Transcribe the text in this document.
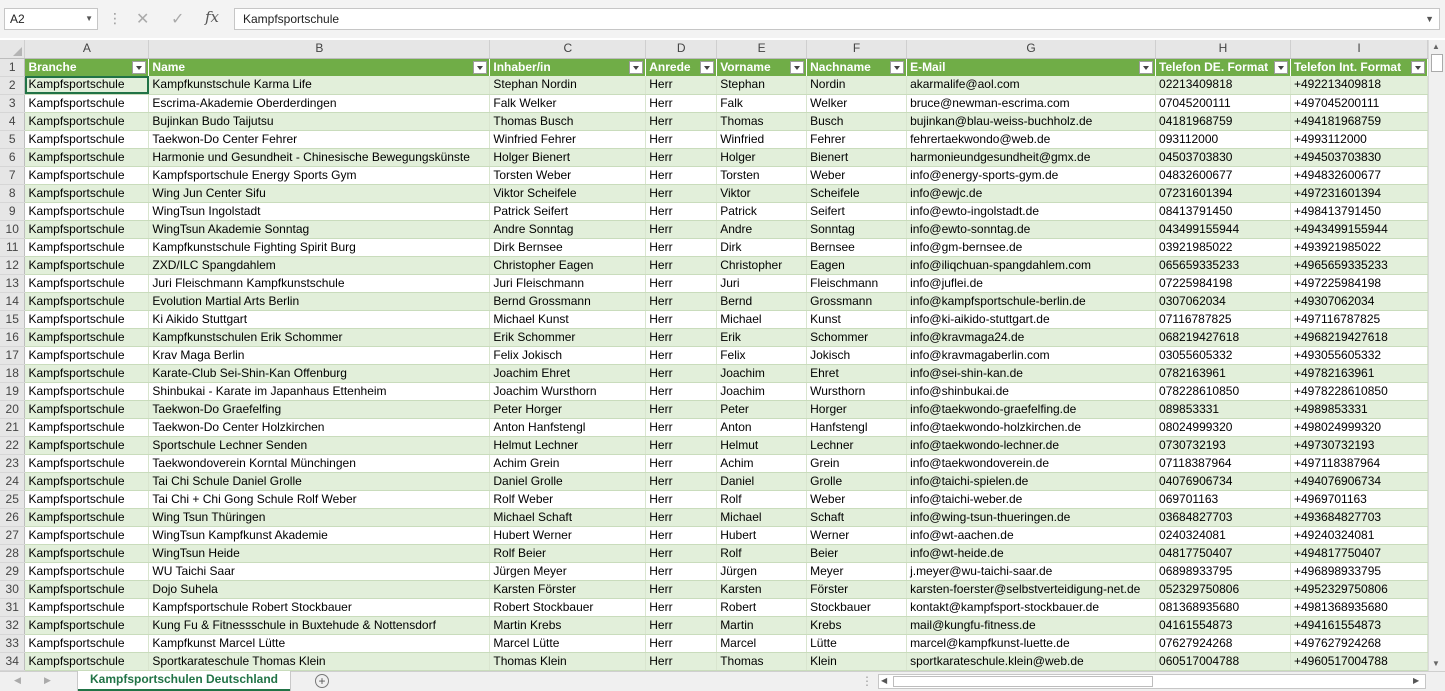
A2	▼ ⋮ ✕ ✓ fx	Kampfsportschule	▼
	A	B	C	D	E	F	G	H	I
1	Branche	Name	Inhaber/in	Anrede	Vorname	Nachname	E-Mail	Telefon DE. Format	Telefon Int. Format

2	Kampfsportschule	Kampfkunstschule Karma Life	Stephan Nordin	Herr	Stephan	Nordin	akarmalife@aol.com	02213409818	+492213409818
3	Kampfsportschule	Escrima-Akademie Oberderdingen	Falk Welker	Herr	Falk	Welker	bruce@newman-escrima.com	07045200111	+497045200111
4	Kampfsportschule	Bujinkan Budo Taijutsu	Thomas Busch	Herr	Thomas	Busch	bujinkan@blau-weiss-buchholz.de	04181968759	+494181968759
5	Kampfsportschule	Taekwon-Do Center Fehrer	Winfried Fehrer	Herr	Winfried	Fehrer	fehrertaekwondo@web.de	093112000	+4993112000
6	Kampfsportschule	Harmonie und Gesundheit - Chinesische Bewegungskünste	Holger Bienert	Herr	Holger	Bienert	harmonieundgesundheit@gmx.de	04503703830	+494503703830
7	Kampfsportschule	Kampfsportschule Energy Sports Gym	Torsten Weber	Herr	Torsten	Weber	info@energy-sports-gym.de	04832600677	+494832600677
8	Kampfsportschule	Wing Jun Center Sifu	Viktor Scheifele	Herr	Viktor	Scheifele	info@ewjc.de	07231601394	+497231601394
9	Kampfsportschule	WingTsun Ingolstadt	Patrick Seifert	Herr	Patrick	Seifert	info@ewto-ingolstadt.de	08413791450	+498413791450
10	Kampfsportschule	WingTsun Akademie Sonntag	Andre Sonntag	Herr	Andre	Sonntag	info@ewto-sonntag.de	043499155944	+4943499155944
11	Kampfsportschule	Kampfkunstschule Fighting Spirit Burg	Dirk Bernsee	Herr	Dirk	Bernsee	info@gm-bernsee.de	03921985022	+493921985022
12	Kampfsportschule	ZXD/ILC Spangdahlem	Christopher Eagen	Herr	Christopher	Eagen	info@iliqchuan-spangdahlem.com	065659335233	+4965659335233
13	Kampfsportschule	Juri Fleischmann Kampfkunstschule	Juri Fleischmann	Herr	Juri	Fleischmann	info@juflei.de	07225984198	+497225984198
14	Kampfsportschule	Evolution Martial Arts Berlin	Bernd Grossmann	Herr	Bernd	Grossmann	info@kampfsportschule-berlin.de	0307062034	+49307062034
15	Kampfsportschule	Ki Aikido Stuttgart	Michael Kunst	Herr	Michael	Kunst	info@ki-aikido-stuttgart.de	07116787825	+497116787825
16	Kampfsportschule	Kampfkunstschulen Erik Schommer	Erik Schommer	Herr	Erik	Schommer	info@kravmaga24.de	068219427618	+4968219427618
17	Kampfsportschule	Krav Maga Berlin	Felix Jokisch	Herr	Felix	Jokisch	info@kravmagaberlin.com	03055605332	+493055605332
18	Kampfsportschule	Karate-Club Sei-Shin-Kan Offenburg	Joachim Ehret	Herr	Joachim	Ehret	info@sei-shin-kan.de	0782163961	+49782163961
19	Kampfsportschule	Shinbukai - Karate im Japanhaus Ettenheim	Joachim Wursthorn	Herr	Joachim	Wursthorn	info@shinbukai.de	078228610850	+4978228610850
20	Kampfsportschule	Taekwon-Do Graefelfing	Peter Horger	Herr	Peter	Horger	info@taekwondo-graefelfing.de	089853331	+4989853331
21	Kampfsportschule	Taekwon-Do Center Holzkirchen	Anton Hanfstengl	Herr	Anton	Hanfstengl	info@taekwondo-holzkirchen.de	08024999320	+498024999320
22	Kampfsportschule	Sportschule Lechner Senden	Helmut Lechner	Herr	Helmut	Lechner	info@taekwondo-lechner.de	0730732193	+49730732193
23	Kampfsportschule	Taekwondoverein Korntal Münchingen	Achim Grein	Herr	Achim	Grein	info@taekwondoverein.de	07118387964	+497118387964
24	Kampfsportschule	Tai Chi Schule Daniel Grolle	Daniel Grolle	Herr	Daniel	Grolle	info@taichi-spielen.de	04076906734	+494076906734
25	Kampfsportschule	Tai Chi + Chi Gong Schule Rolf Weber	Rolf Weber	Herr	Rolf	Weber	info@taichi-weber.de	069701163	+4969701163
26	Kampfsportschule	Wing Tsun Thüringen	Michael Schaft	Herr	Michael	Schaft	info@wing-tsun-thueringen.de	03684827703	+493684827703
27	Kampfsportschule	WingTsun Kampfkunst Akademie	Hubert Werner	Herr	Hubert	Werner	info@wt-aachen.de	0240324081	+49240324081
28	Kampfsportschule	WingTsun Heide	Rolf Beier	Herr	Rolf	Beier	info@wt-heide.de	04817750407	+494817750407
29	Kampfsportschule	WU Taichi Saar	Jürgen Meyer	Herr	Jürgen	Meyer	j.meyer@wu-taichi-saar.de	06898933795	+496898933795
30	Kampfsportschule	Dojo Suhela	Karsten Förster	Herr	Karsten	Förster	karsten-foerster@selbstverteidigung-net.de	052329750806	+4952329750806
31	Kampfsportschule	Kampfsportschule Robert Stockbauer	Robert Stockbauer	Herr	Robert	Stockbauer	kontakt@kampfsport-stockbauer.de	081368935680	+4981368935680
32	Kampfsportschule	Kung Fu & Fitnessschule in Buxtehude & Nottensdorf	Martin Krebs	Herr	Martin	Krebs	mail@kungfu-fitness.de	04161554873	+494161554873
33	Kampfsportschule	Kampfkunst Marcel Lütte	Marcel Lütte	Herr	Marcel	Lütte	marcel@kampfkunst-luette.de	07627924268	+497627924268
34	Kampfsportschule	Sportkarateschule Thomas Klein	Thomas Klein	Herr	Thomas	Klein	sportkarateschule.klein@web.de	060517004788	+4960517004788
▲
▼
◀	▶	Kampfsportschulen Deutschland	+	⋮ ◀	▶
